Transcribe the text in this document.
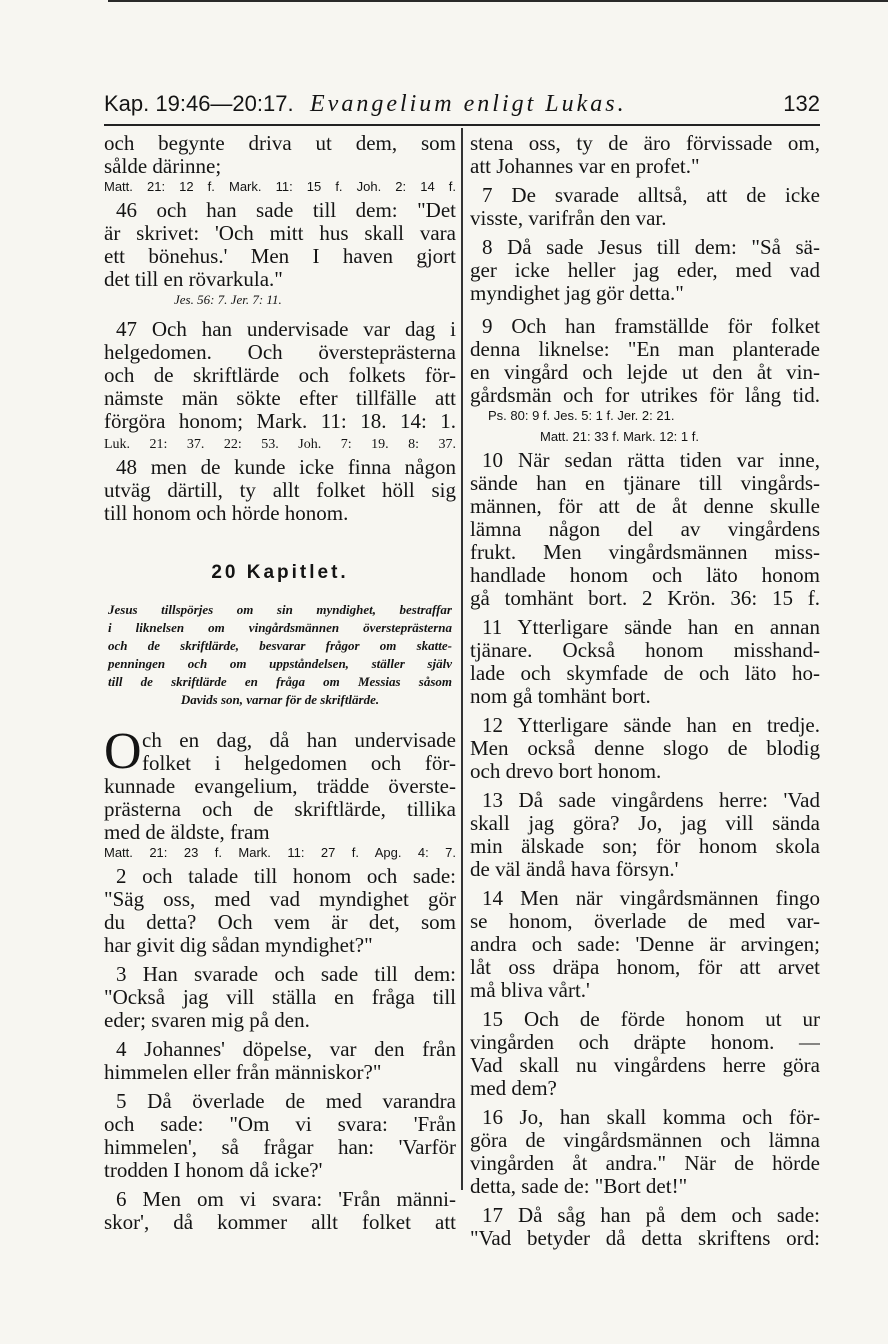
Kap. 19:46—20:17. Evangelium enligt Lukas.	132
och begynte driva ut dem, som
sålde därinne;
Matt. 21: 12 f. Mark. 11: 15 f. Joh. 2: 14 f.
46 och han sade till dem: "Det
är skrivet: 'Och mitt hus skall vara
ett bönehus.' Men I haven gjort
det till en rövarkula."
Jes. 56: 7. Jer. 7: 11.
47 Och han undervisade var dag i
helgedomen. Och översteprästerna
och de skriftlärde och folkets för-
nämste män sökte efter tillfälle att
förgöra honom; Mark. 11: 18. 14: 1.
Luk. 21: 37. 22: 53. Joh. 7: 19. 8: 37.
48 men de kunde icke finna någon
utväg därtill, ty allt folket höll sig
till honom och hörde honom.
20 Kapitlet.
Jesus tillspörjes om sin myndighet, bestraffar
i liknelsen om vingårdsmännen översteprästerna
och de skriftlärde, besvarar frågor om skatte-
penningen och om uppståndelsen, ställer själv
till de skriftlärde en fråga om Messias såsom
Davids son, varnar för de skriftlärde.
O ch en dag, då han undervisade
folket i helgedomen och för-
kunnade evangelium, trädde överste-
prästerna och de skriftlärde, tillika
med de äldste, fram
Matt. 21: 23 f. Mark. 11: 27 f. Apg. 4: 7.
2 och talade till honom och sade:
"Säg oss, med vad myndighet gör
du detta? Och vem är det, som
har givit dig sådan myndighet?"
3 Han svarade och sade till dem:
"Också jag vill ställa en fråga till
eder; svaren mig på den.
4 Johannes' döpelse, var den från
himmelen eller från människor?"
5 Då överlade de med varandra
och sade: "Om vi svara: 'Från
himmelen', så frågar han: 'Varför
trodden I honom då icke?'
6 Men om vi svara: 'Från männi-
skor', då kommer allt folket att
stena oss, ty de äro förvissade om,
att Johannes var en profet."
7 De svarade alltså, att de icke
visste, varifrån den var.
8 Då sade Jesus till dem: "Så sä-
ger icke heller jag eder, med vad
myndighet jag gör detta."
9 Och han framställde för folket
denna liknelse: "En man planterade
en vingård och lejde ut den åt vin-
gårdsmän och for utrikes för lång tid.
Ps. 80: 9 f. Jes. 5: 1 f. Jer. 2: 21.
Matt. 21: 33 f. Mark. 12: 1 f.
10 När sedan rätta tiden var inne,
sände han en tjänare till vingårds-
männen, för att de åt denne skulle
lämna någon del av vingårdens
frukt. Men vingårdsmännen miss-
handlade honom och läto honom
gå tomhänt bort. 2 Krön. 36: 15 f.
11 Ytterligare sände han en annan
tjänare. Också honom misshand-
lade och skymfade de och läto ho-
nom gå tomhänt bort.
12 Ytterligare sände han en tredje.
Men också denne slogo de blodig
och drevo bort honom.
13 Då sade vingårdens herre: 'Vad
skall jag göra? Jo, jag vill sända
min älskade son; för honom skola
de väl ändå hava försyn.'
14 Men när vingårdsmännen fingo
se honom, överlade de med var-
andra och sade: 'Denne är arvingen;
låt oss dräpa honom, för att arvet
må bliva vårt.'
15 Och de förde honom ut ur
vingården och dräpte honom. —
Vad skall nu vingårdens herre göra
med dem?
16 Jo, han skall komma och för-
göra de vingårdsmännen och lämna
vingården åt andra." När de hörde
detta, sade de: "Bort det!"
17 Då såg han på dem och sade:
"Vad betyder då detta skriftens ord:
